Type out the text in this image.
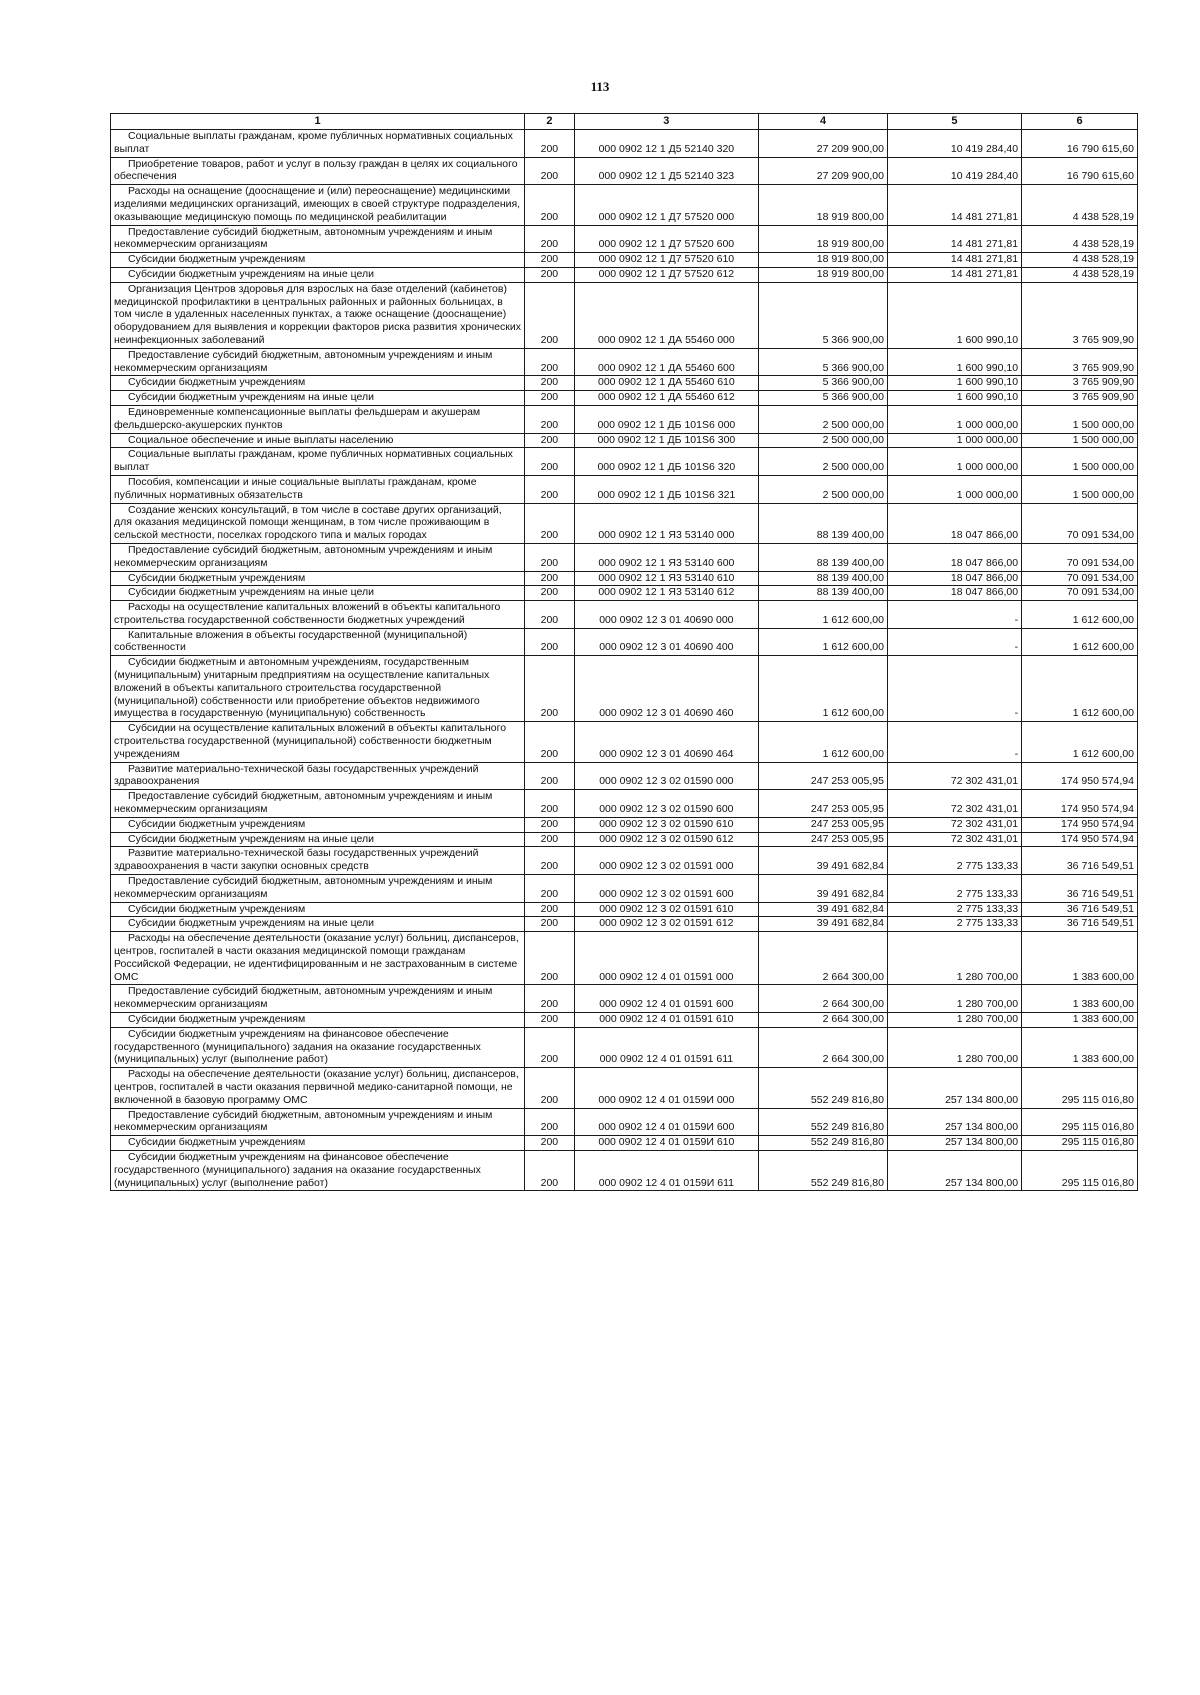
113
1	2	3	4	5	6

Социальные выплаты гражданам, кроме публичных нормативных социальных выплат	200	000 0902 12 1 Д5 52140 320	27 209 900,00	10 419 284,40	16 790 615,60

Приобретение товаров, работ и услуг в пользу граждан в целях их социального обеспечения	200	000 0902 12 1 Д5 52140 323	27 209 900,00	10 419 284,40	16 790 615,60

Расходы на оснащение (дооснащение и (или) переоснащение) медицинскими изделиями медицинских организаций, имеющих в своей структуре подразделения, оказывающие медицинскую помощь по медицинской реабилитации	200	000 0902 12 1 Д7 57520 000	18 919 800,00	14 481 271,81	4 438 528,19

Предоставление субсидий бюджетным, автономным учреждениям и иным некоммерческим организациям	200	000 0902 12 1 Д7 57520 600	18 919 800,00	14 481 271,81	4 438 528,19

Субсидии бюджетным учреждениям	200	000 0902 12 1 Д7 57520 610	18 919 800,00	14 481 271,81	4 438 528,19

Субсидии бюджетным учреждениям на иные цели	200	000 0902 12 1 Д7 57520 612	18 919 800,00	14 481 271,81	4 438 528,19

Организация Центров здоровья для взрослых на базе отделений (кабинетов) медицинской профилактики в центральных районных и районных больницах, в том числе в удаленных населенных пунктах, а также оснащение (дооснащение) оборудованием для выявления и коррекции факторов риска развития хронических неинфекционных заболеваний	200	000 0902 12 1 ДА 55460 000	5 366 900,00	1 600 990,10	3 765 909,90

Предоставление субсидий бюджетным, автономным учреждениям и иным некоммерческим организациям	200	000 0902 12 1 ДА 55460 600	5 366 900,00	1 600 990,10	3 765 909,90

Субсидии бюджетным учреждениям	200	000 0902 12 1 ДА 55460 610	5 366 900,00	1 600 990,10	3 765 909,90

Субсидии бюджетным учреждениям на иные цели	200	000 0902 12 1 ДА 55460 612	5 366 900,00	1 600 990,10	3 765 909,90

Единовременные компенсационные выплаты фельдшерам и акушерам фельдшерско-акушерских пунктов	200	000 0902 12 1 ДБ 101S6 000	2 500 000,00	1 000 000,00	1 500 000,00

Социальное обеспечение и иные выплаты населению	200	000 0902 12 1 ДБ 101S6 300	2 500 000,00	1 000 000,00	1 500 000,00

Социальные выплаты гражданам, кроме публичных нормативных социальных выплат	200	000 0902 12 1 ДБ 101S6 320	2 500 000,00	1 000 000,00	1 500 000,00

Пособия, компенсации и иные социальные выплаты гражданам, кроме публичных нормативных обязательств	200	000 0902 12 1 ДБ 101S6 321	2 500 000,00	1 000 000,00	1 500 000,00

Создание женских консультаций, в том числе в составе других организаций, для оказания медицинской помощи женщинам, в том числе проживающим в сельской местности, поселках городского типа и малых городах	200	000 0902 12 1 Я3 53140 000	88 139 400,00	18 047 866,00	70 091 534,00

Предоставление субсидий бюджетным, автономным учреждениям и иным некоммерческим организациям	200	000 0902 12 1 Я3 53140 600	88 139 400,00	18 047 866,00	70 091 534,00

Субсидии бюджетным учреждениям	200	000 0902 12 1 Я3 53140 610	88 139 400,00	18 047 866,00	70 091 534,00

Субсидии бюджетным учреждениям на иные цели	200	000 0902 12 1 Я3 53140 612	88 139 400,00	18 047 866,00	70 091 534,00

Расходы на осуществление капитальных вложений в объекты капитального строительства государственной собственности бюджетных учреждений	200	000 0902 12 3 01 40690 000	1 612 600,00	-	1 612 600,00

Капитальные вложения в объекты государственной (муниципальной) собственности	200	000 0902 12 3 01 40690 400	1 612 600,00	-	1 612 600,00

Субсидии бюджетным и автономным учреждениям, государственным (муниципальным) унитарным предприятиям на осуществление капитальных вложений в объекты капитального строительства государственной (муниципальной) собственности или приобретение объектов недвижимого имущества в государственную (муниципальную) собственность	200	000 0902 12 3 01 40690 460	1 612 600,00	-	1 612 600,00

Субсидии на осуществление капитальных вложений в объекты капитального строительства государственной (муниципальной) собственности бюджетным учреждениям	200	000 0902 12 3 01 40690 464	1 612 600,00	-	1 612 600,00

Развитие материально-технической базы государственных учреждений здравоохранения	200	000 0902 12 3 02 01590 000	247 253 005,95	72 302 431,01	174 950 574,94

Предоставление субсидий бюджетным, автономным учреждениям и иным некоммерческим организациям	200	000 0902 12 3 02 01590 600	247 253 005,95	72 302 431,01	174 950 574,94

Субсидии бюджетным учреждениям	200	000 0902 12 3 02 01590 610	247 253 005,95	72 302 431,01	174 950 574,94

Субсидии бюджетным учреждениям на иные цели	200	000 0902 12 3 02 01590 612	247 253 005,95	72 302 431,01	174 950 574,94

Развитие материально-технической базы государственных учреждений здравоохранения в части закупки основных средств	200	000 0902 12 3 02 01591 000	39 491 682,84	2 775 133,33	36 716 549,51

Предоставление субсидий бюджетным, автономным учреждениям и иным некоммерческим организациям	200	000 0902 12 3 02 01591 600	39 491 682,84	2 775 133,33	36 716 549,51

Субсидии бюджетным учреждениям	200	000 0902 12 3 02 01591 610	39 491 682,84	2 775 133,33	36 716 549,51

Субсидии бюджетным учреждениям на иные цели	200	000 0902 12 3 02 01591 612	39 491 682,84	2 775 133,33	36 716 549,51

Расходы на обеспечение деятельности (оказание услуг) больниц, диспансеров, центров, госпиталей в части оказания медицинской помощи гражданам Российской Федерации, не идентифицированным и не застрахованным в системе ОМС	200	000 0902 12 4 01 01591 000	2 664 300,00	1 280 700,00	1 383 600,00

Предоставление субсидий бюджетным, автономным учреждениям и иным некоммерческим организациям	200	000 0902 12 4 01 01591 600	2 664 300,00	1 280 700,00	1 383 600,00

Субсидии бюджетным учреждениям	200	000 0902 12 4 01 01591 610	2 664 300,00	1 280 700,00	1 383 600,00

Субсидии бюджетным учреждениям на финансовое обеспечение государственного (муниципального) задания на оказание государственных (муниципальных) услуг (выполнение работ)	200	000 0902 12 4 01 01591 611	2 664 300,00	1 280 700,00	1 383 600,00

Расходы на обеспечение деятельности (оказание услуг) больниц, диспансеров, центров, госпиталей в части оказания первичной медико-санитарной помощи, не включенной в базовую программу ОМС	200	000 0902 12 4 01 0159И 000	552 249 816,80	257 134 800,00	295 115 016,80

Предоставление субсидий бюджетным, автономным учреждениям и иным некоммерческим организациям	200	000 0902 12 4 01 0159И 600	552 249 816,80	257 134 800,00	295 115 016,80

Субсидии бюджетным учреждениям	200	000 0902 12 4 01 0159И 610	552 249 816,80	257 134 800,00	295 115 016,80

Субсидии бюджетным учреждениям на финансовое обеспечение государственного (муниципального) задания на оказание государственных (муниципальных) услуг (выполнение работ)	200	000 0902 12 4 01 0159И 611	552 249 816,80	257 134 800,00	295 115 016,80
